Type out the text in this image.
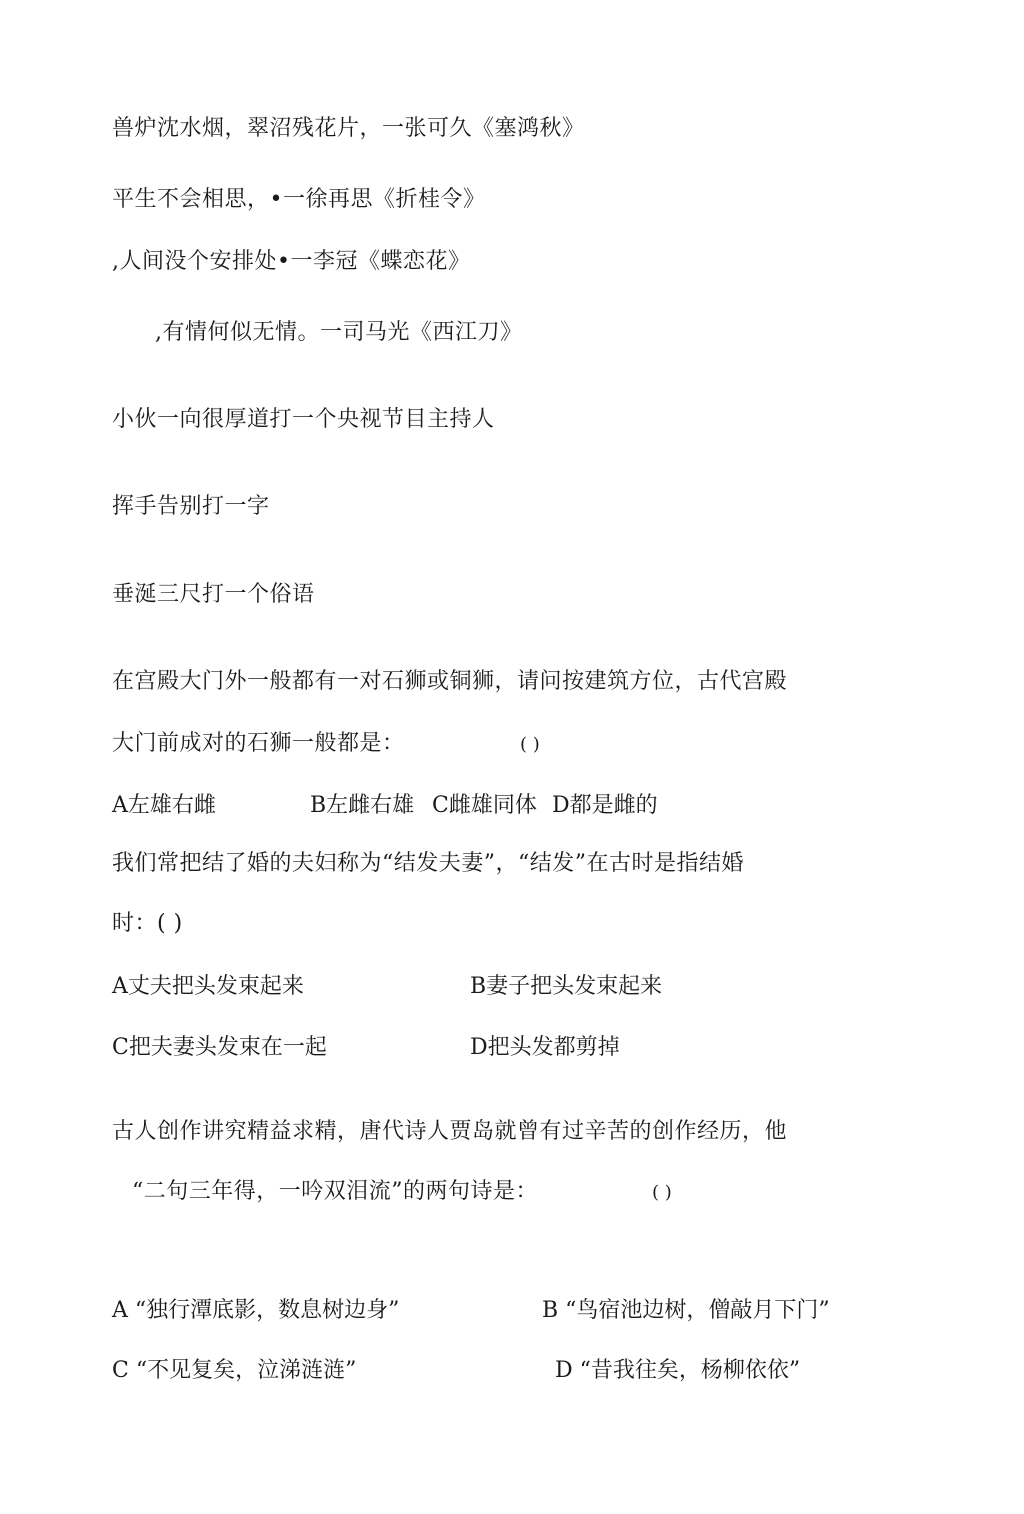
兽炉沈水烟，翠沼残花片，一张可久《塞鸿秋》
平生不会相思，•一徐再思《折桂令》
,人间没个安排处•一李冠《蝶恋花》
,有情何似无情。一司马光《西江刀》
小伙一向很厚道打一个央视节目主持人
挥手告别打一字
垂涎三尺打一个俗语
在宫殿大门外一般都有一对石狮或铜狮，请问按建筑方位，古代宫殿
大门前成对的石狮一般都是：	( )
A左雄右雌	B左雌右雄 C雌雄同体 D都是雌的
我们常把结了婚的夫妇称为“结发夫妻”，“结发”在古时是指结婚
时：( )
A丈夫把头发束起来	B妻子把头发束起来
C把夫妻头发束在一起	D把头发都剪掉
古人创作讲究精益求精，唐代诗人贾岛就曾有过辛苦的创作经历，他
“二句三年得，一吟双泪流”的两句诗是：	( )
A “独行潭底影，数息树边身”	B “鸟宿池边树，僧敲月下门”
C “不见复矣，泣涕涟涟”	D “昔我往矣，杨柳依依”
